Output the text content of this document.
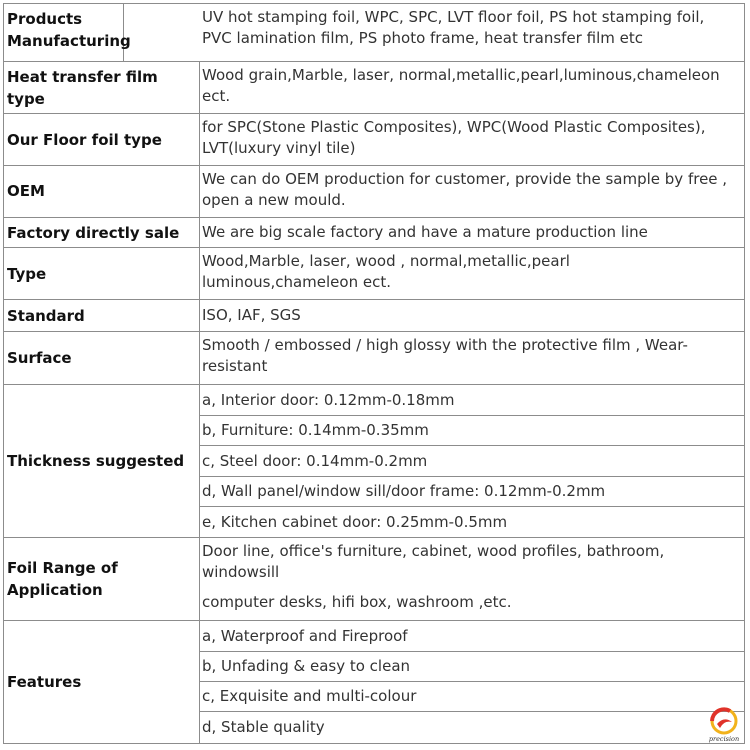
Products Manufacturing
UV hot stamping foil, WPC, SPC, LVT floor foil, PS hot stamping foil, PVC lamination film, PS photo frame, heat transfer film etc
Heat transfer film type
Wood grain,Marble, laser, normal,metallic,pearl,luminous,chameleon ect.
Our Floor foil type
for SPC(Stone Plastic Composites), WPC(Wood Plastic Composites), LVT(luxury vinyl tile)
OEM
We can do OEM production for customer, provide the sample by free , open a new mould.
Factory directly sale	We are big scale factory and have a mature production line
Type
Wood,Marble, laser, wood , normal,metallic,pearl luminous,chameleon ect.
Standard	ISO, IAF, SGS
Surface
Smooth / embossed / high glossy with the protective film , Wear-resistant
Thickness suggested
a, Interior door: 0.12mm-0.18mm
b, Furniture: 0.14mm-0.35mm
c, Steel door: 0.14mm-0.2mm
d, Wall panel/window sill/door frame: 0.12mm-0.2mm
e, Kitchen cabinet door: 0.25mm-0.5mm
Foil Range of Application
Door line, office's furniture, cabinet, wood profiles, bathroom, windowsill
computer desks, hifi box, washroom ,etc.
Features
a, Waterproof and Fireproof
b, Unfading & easy to clean
c, Exquisite and multi-colour
d, Stable quality
precision
